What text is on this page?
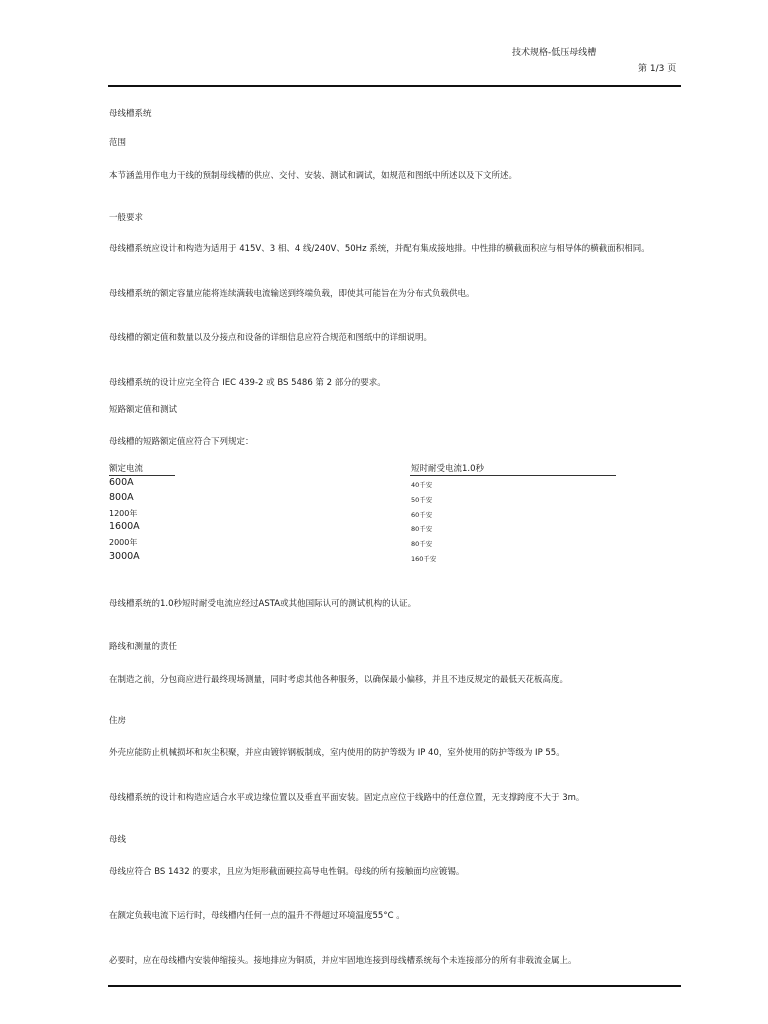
技术规格-低压母线槽
第 1/3 页
母线槽系统
范围
本节涵盖用作电力干线的预制母线槽的供应、交付、安装、测试和调试，如规范和图纸中所述以及下文所述。
一般要求
母线槽系统应设计和构造为适用于 415V、3 相、4 线/240V、50Hz 系统，并配有集成接地排。中性排的横截面积应与相导体的横截面积相同。
母线槽系统的额定容量应能将连续满载电流输送到终端负载，即使其可能旨在为分布式负载供电。
母线槽的额定值和数量以及分接点和设备的详细信息应符合规范和图纸中的详细说明。
母线槽系统的设计应完全符合 IEC 439-2 或 BS 5486 第 2 部分的要求。
短路额定值和测试
母线槽的短路额定值应符合下列规定：
额定电流	短时耐受电流1.0秒
600A	40千安
800A	50千安
1200年	60千安
1600A	80千安
2000年	80千安
3000A	160千安
母线槽系统的1.0秒短时耐受电流应经过ASTA或其他国际认可的测试机构的认证。
路线和测量的责任
在制造之前，分包商应进行最终现场测量，同时考虑其他各种服务，以确保最小偏移，并且不违反规定的最低天花板高度。
住房
外壳应能防止机械损坏和灰尘积聚，并应由镀锌钢板制成，室内使用的防护等级为 IP 40，室外使用的防护等级为 IP 55。
母线槽系统的设计和构造应适合水平或边缘位置以及垂直平面安装。固定点应位于线路中的任意位置，无支撑跨度不大于 3m。
母线
母线应符合 BS 1432 的要求，且应为矩形截面硬拉高导电性铜。母线的所有接触面均应镀锡。
在额定负载电流下运行时，母线槽内任何一点的温升不得超过环境温度55°C 。
必要时，应在母线槽内安装伸缩接头。接地排应为铜质，并应牢固地连接到母线槽系统每个未连接部分的所有非载流金属上。
